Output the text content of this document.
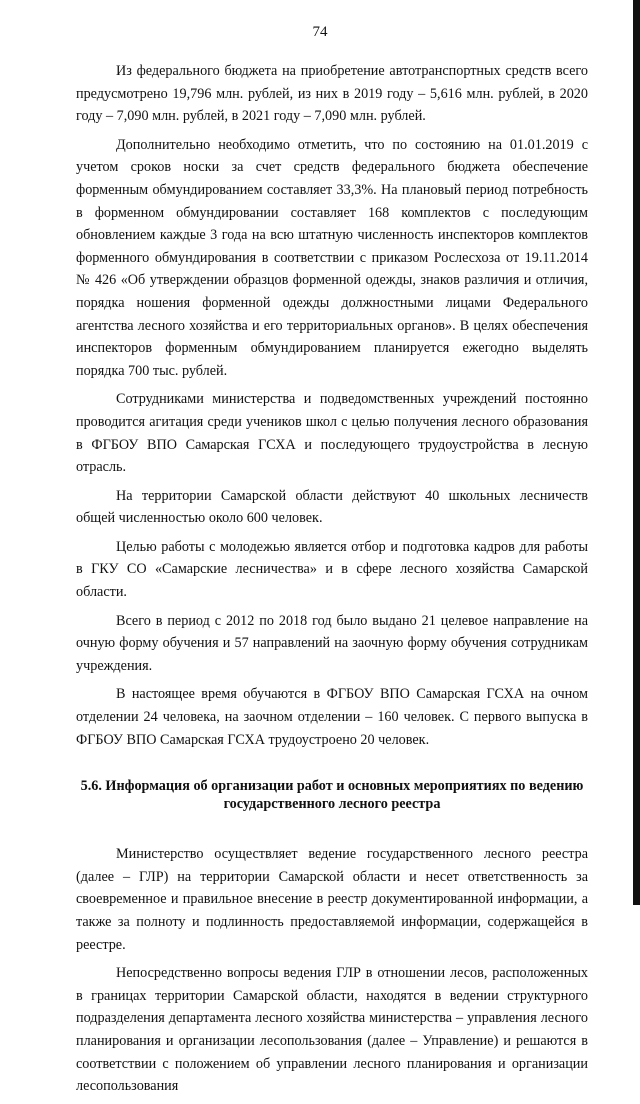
74

Из федерального бюджета на приобретение автотранспортных средств всего предусмотрено 19,796 млн. рублей, из них в 2019 году – 5,616 млн. рублей, в 2020 году – 7,090 млн. рублей, в 2021 году – 7,090 млн. рублей.

Дополнительно необходимо отметить, что по состоянию на 01.01.2019 с учетом сроков носки за счет средств федерального бюджета обеспечение форменным обмундированием составляет 33,3%. На плановый период потребность в форменном обмундировании составляет 168 комплектов с последующим обновлением каждые 3 года на всю штатную численность инспекторов комплектов форменного обмундирования в соответствии с приказом Рослесхоза от 19.11.2014 № 426 «Об утверждении образцов форменной одежды, знаков различия и отличия, порядка ношения форменной одежды должностными лицами Федерального агентства лесного хозяйства и его территориальных органов». В целях обеспечения инспекторов форменным обмундированием планируется ежегодно выделять порядка 700 тыс. рублей.

Сотрудниками министерства и подведомственных учреждений постоянно проводится агитация среди учеников школ с целью получения лесного образования в ФГБОУ ВПО Самарская ГСХА и последующего трудоустройства в лесную отрасль.

На территории Самарской области действуют 40 школьных лесничеств общей численностью около 600 человек.

Целью работы с молодежью является отбор и подготовка кадров для работы в ГКУ СО «Самарские лесничества» и в сфере лесного хозяйства Самарской области.

Всего в период с 2012 по 2018 год было выдано 21 целевое направление на очную форму обучения и 57 направлений на заочную форму обучения сотрудникам учреждения.

В настоящее время обучаются в ФГБОУ ВПО Самарская ГСХА на очном отделении 24 человека, на заочном отделении – 160 человек. С первого выпуска в ФГБОУ ВПО Самарская ГСХА трудоустроено 20 человек.

5.6. Информация об организации работ и основных мероприятиях по ведению
государственного лесного реестра

Министерство осуществляет ведение государственного лесного реестра (далее – ГЛР) на территории Самарской области и несет ответственность за своевременное и правильное внесение в реестр документированной информации, а также за полноту и подлинность предоставляемой информации, содержащейся в реестре.

Непосредственно вопросы ведения ГЛР в отношении лесов, расположенных в границах территории Самарской области, находятся в ведении структурного подразделения департамента лесного хозяйства министерства – управления лесного планирования и организации лесопользования (далее – Управление) и решаются в соответствии с положением об управлении лесного планирования и организации лесопользования
